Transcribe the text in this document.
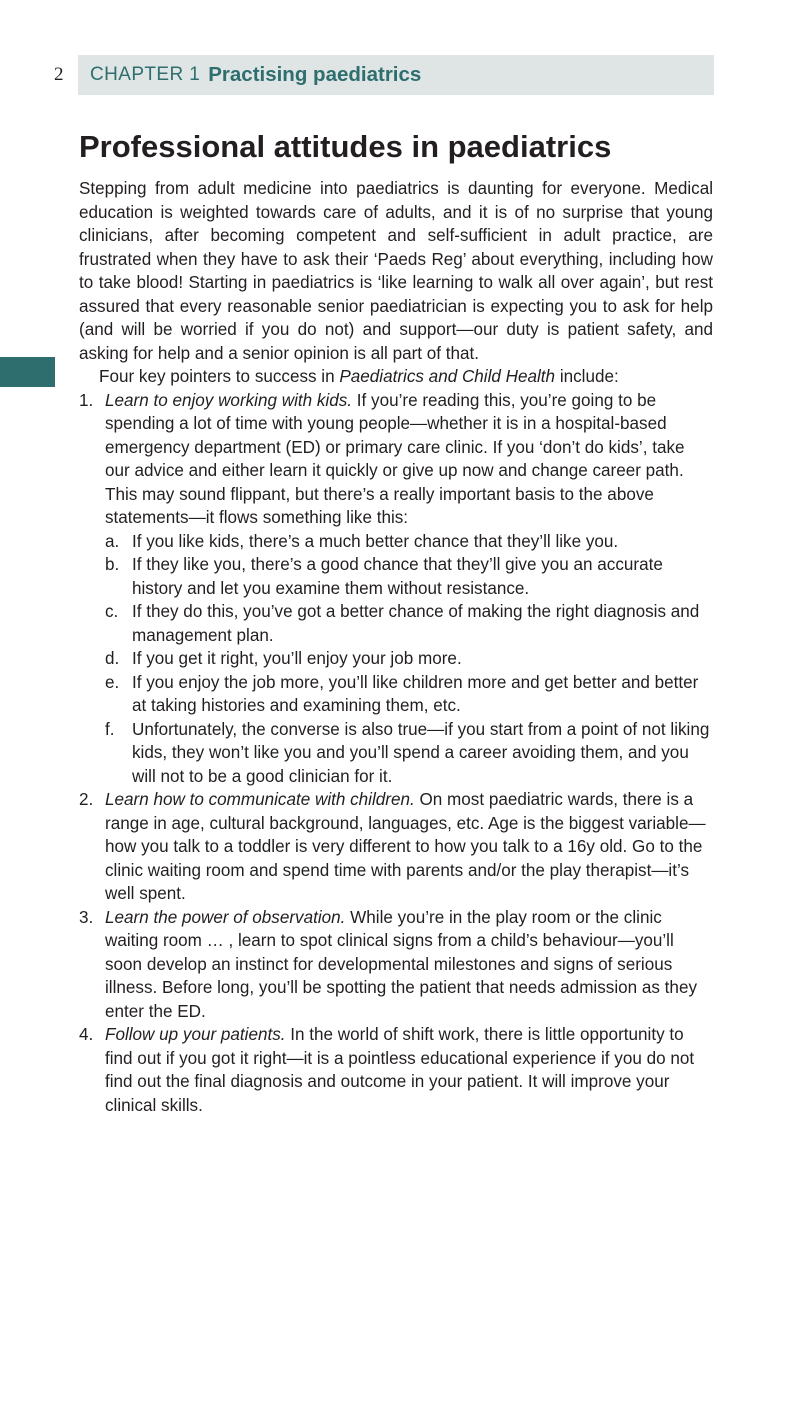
2 CHAPTER 1 Practising paediatrics
Professional attitudes in paediatrics

Stepping from adult medicine into paediatrics is daunting for everyone. Medical education is weighted towards care of adults, and it is of no surprise that young clinicians, after becoming competent and self-sufficient in adult practice, are frustrated when they have to ask their ‘Paeds Reg’ about everything, including how to take blood! Starting in paediatrics is ‘like learning to walk all over again’, but rest assured that every reasonable senior paediatrician is expecting you to ask for help (and will be worried if you do not) and support—our duty is patient safety, and asking for help and a senior opinion is all part of that.

Four key pointers to success in Paediatrics and Child Health include:

1. Learn to enjoy working with kids. If you’re reading this, you’re going to be spending a lot of time with young people—whether it is in a hospital-based emergency department (ED) or primary care clinic. If you ‘don’t do kids’, take our advice and either learn it quickly or give up now and change career path. This may sound flippant, but there’s a really important basis to the above statements—it flows something like this:
a. If you like kids, there’s a much better chance that they’ll like you.
b. If they like you, there’s a good chance that they’ll give you an accurate history and let you examine them without resistance.
c. If they do this, you’ve got a better chance of making the right diagnosis and management plan.
d. If you get it right, you’ll enjoy your job more.
e. If you enjoy the job more, you’ll like children more and get better and better at taking histories and examining them, etc.
f. Unfortunately, the converse is also true—if you start from a point of not liking kids, they won’t like you and you’ll spend a career avoiding them, and you will not to be a good clinician for it.
2. Learn how to communicate with children. On most paediatric wards, there is a range in age, cultural background, languages, etc. Age is the biggest variable—how you talk to a toddler is very different to how you talk to a 16y old. Go to the clinic waiting room and spend time with parents and/or the play therapist—it’s well spent.
3. Learn the power of observation. While you’re in the play room or the clinic waiting room … , learn to spot clinical signs from a child’s behaviour—you’ll soon develop an instinct for developmental milestones and signs of serious illness. Before long, you’ll be spotting the patient that needs admission as they enter the ED.
4. Follow up your patients. In the world of shift work, there is little opportunity to find out if you got it right—it is a pointless educational experience if you do not find out the final diagnosis and outcome in your patient. It will improve your clinical skills.
